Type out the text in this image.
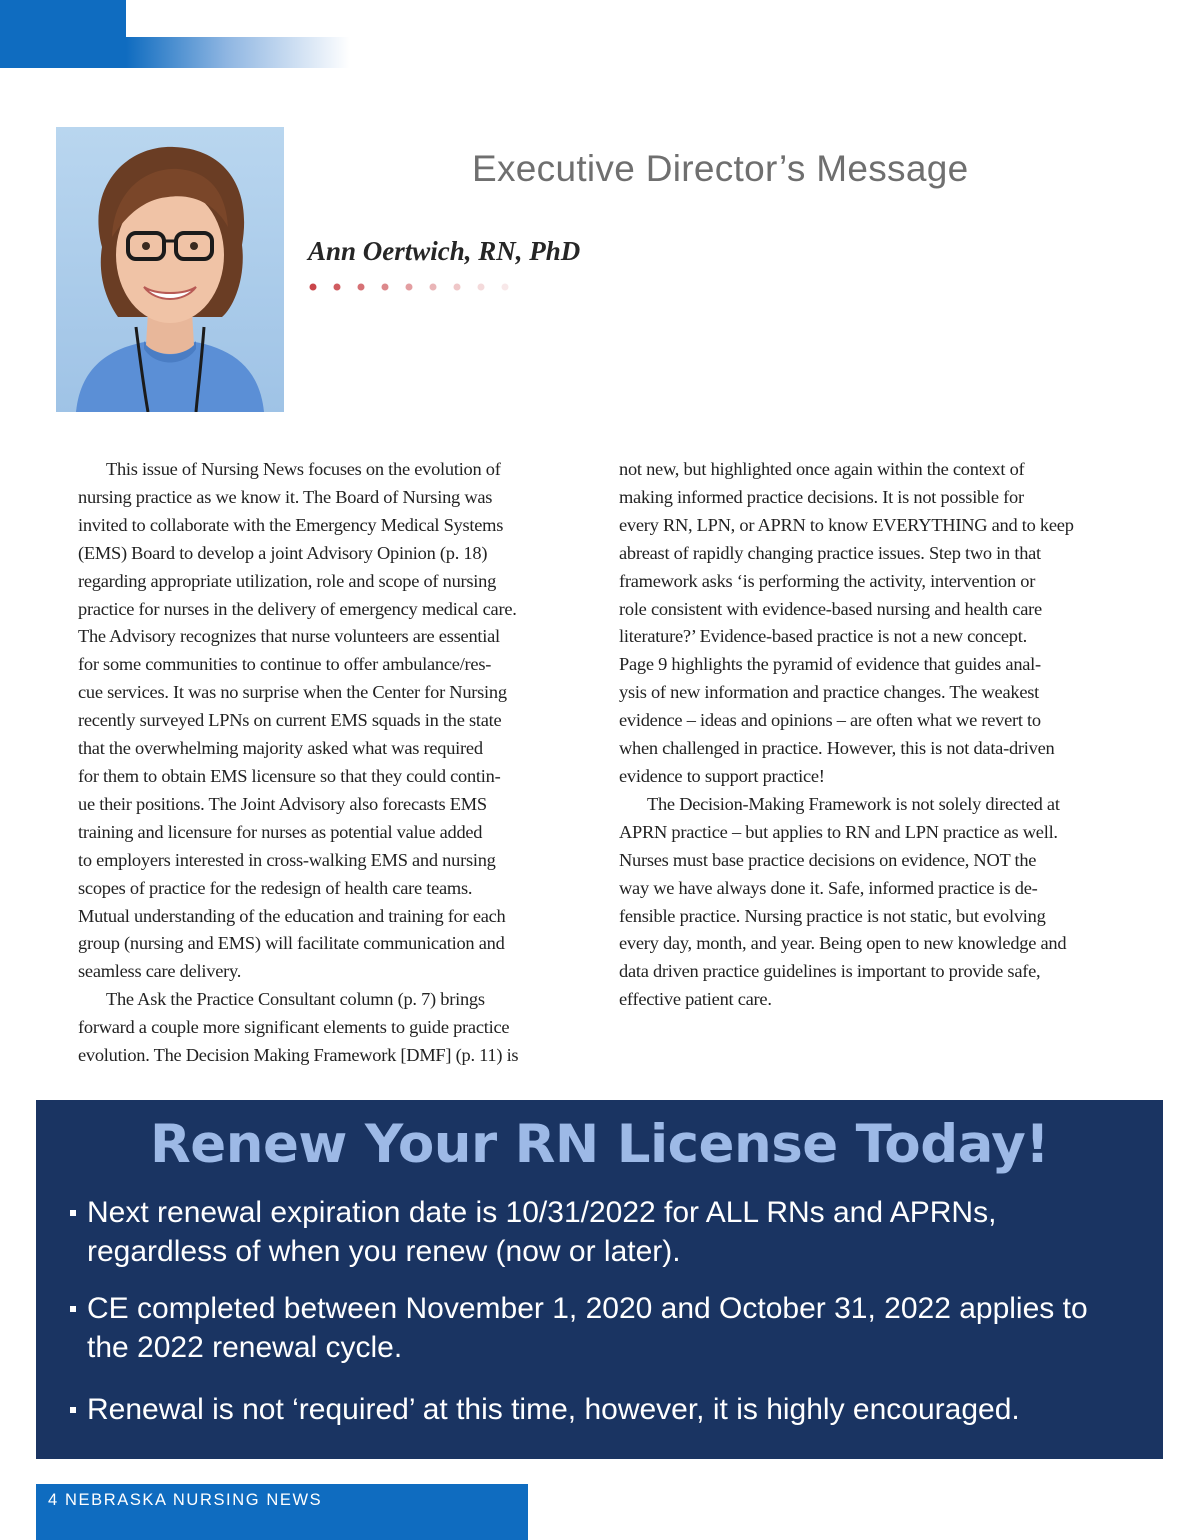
Executive Director’s Message
Ann Oertwich, RN, PhD
This issue of Nursing News focuses on the evolution of
nursing practice as we know it. The Board of Nursing was
invited to collaborate with the Emergency Medical Systems
(EMS) Board to develop a joint Advisory Opinion (p. 18)
regarding appropriate utilization, role and scope of nursing
practice for nurses in the delivery of emergency medical care.
The Advisory recognizes that nurse volunteers are essential
for some communities to continue to offer ambulance/res-
cue services. It was no surprise when the Center for Nursing
recently surveyed LPNs on current EMS squads in the state
that the overwhelming majority asked what was required
for them to obtain EMS licensure so that they could contin-
ue their positions. The Joint Advisory also forecasts EMS
training and licensure for nurses as potential value added
to employers interested in cross-walking EMS and nursing
scopes of practice for the redesign of health care teams.
Mutual understanding of the education and training for each
group (nursing and EMS) will facilitate communication and
seamless care delivery.
The Ask the Practice Consultant column (p. 7) brings
forward a couple more significant elements to guide practice
evolution. The Decision Making Framework [DMF] (p. 11) is
not new, but highlighted once again within the context of
making informed practice decisions. It is not possible for
every RN, LPN, or APRN to know EVERYTHING and to keep
abreast of rapidly changing practice issues. Step two in that
framework asks ‘is performing the activity, intervention or
role consistent with evidence-based nursing and health care
literature?’ Evidence-based practice is not a new concept.
Page 9 highlights the pyramid of evidence that guides anal-
ysis of new information and practice changes. The weakest
evidence – ideas and opinions – are often what we revert to
when challenged in practice. However, this is not data-driven
evidence to support practice!
The Decision-Making Framework is not solely directed at
APRN practice – but applies to RN and LPN practice as well.
Nurses must base practice decisions on evidence, NOT the
way we have always done it. Safe, informed practice is de-
fensible practice. Nursing practice is not static, but evolving
every day, month, and year. Being open to new knowledge and
data driven practice guidelines is important to provide safe,
effective patient care.
Renew Your RN License Today!
Next renewal expiration date is 10/31/2022 for ALL RNs and APRNs,
regardless of when you renew (now or later).
CE completed between November 1, 2020 and October 31, 2022 applies to
the 2022 renewal cycle.
Renewal is not ‘required’ at this time, however, it is highly encouraged.
4 NEBRASKA NURSING NEWS
